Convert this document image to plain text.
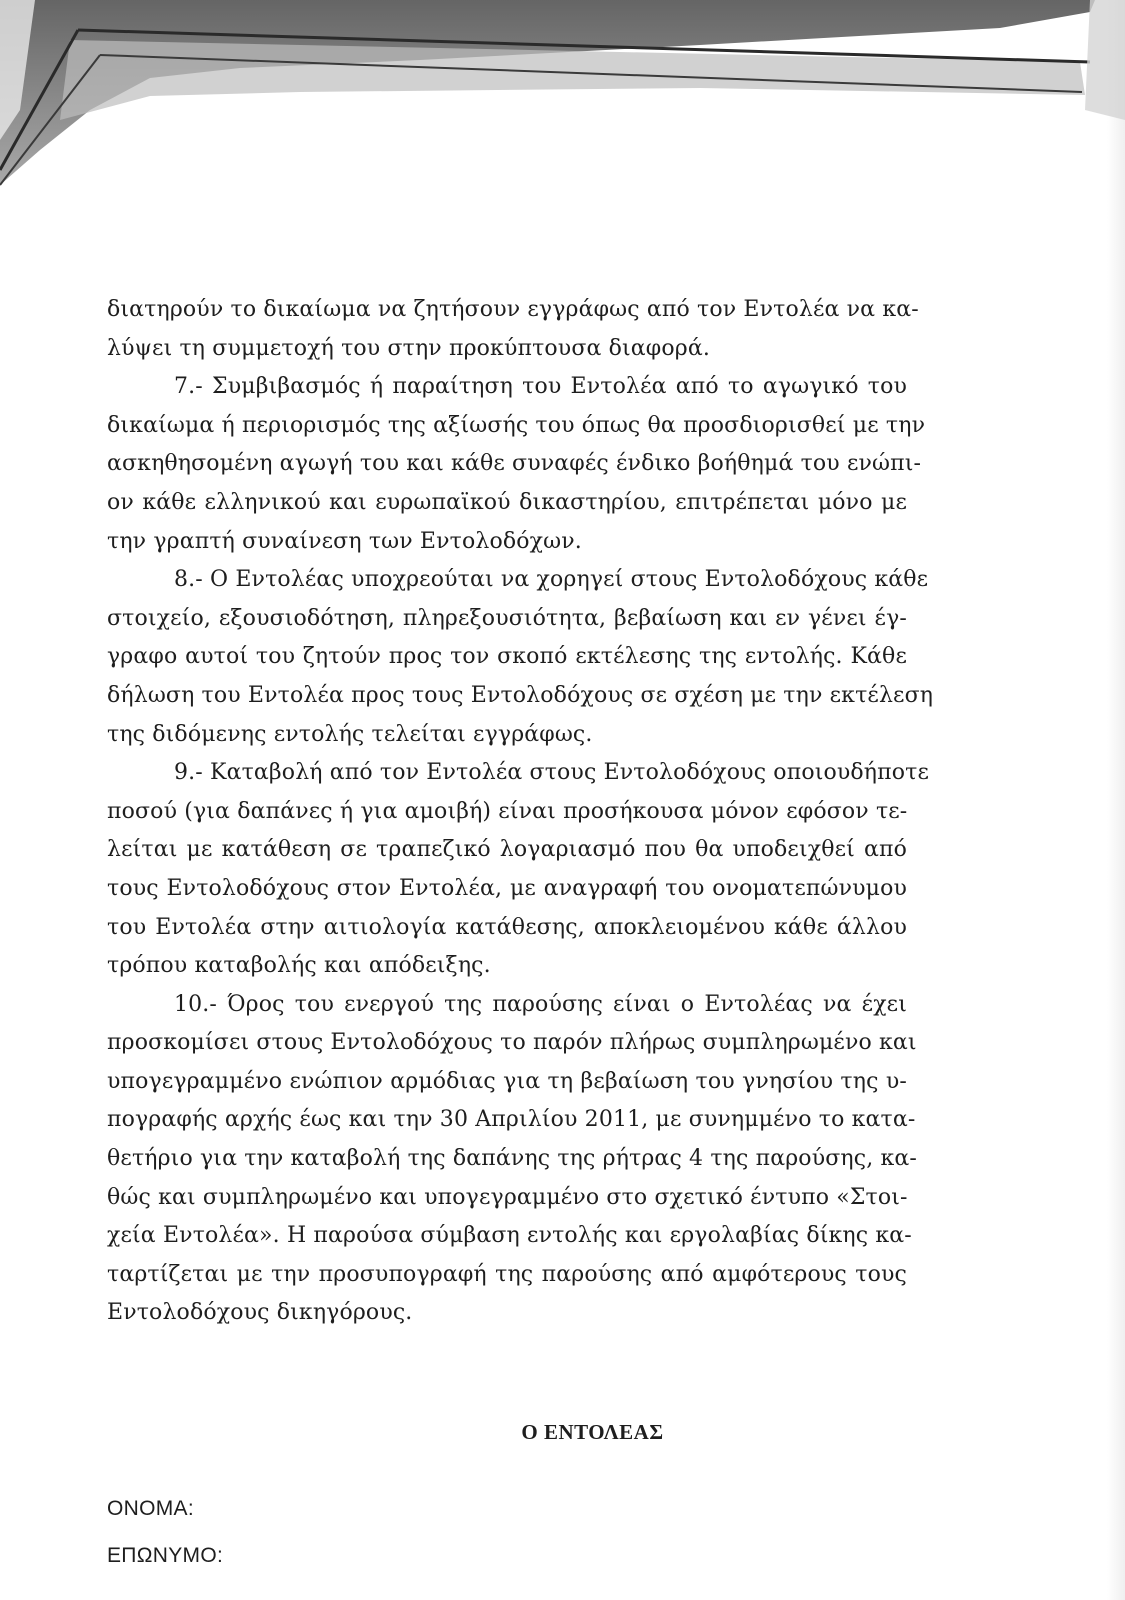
διατηρούν το δικαίωμα να ζητήσουν εγγράφως από τον Εντολέα να κα-
λύψει τη συμμετοχή του στην προκύπτουσα διαφορά.
7.- Συμβιβασμός ή παραίτηση του Εντολέα από το αγωγικό του
δικαίωμα ή περιορισμός της αξίωσής του όπως θα προσδιορισθεί με την
ασκηθησομένη αγωγή του και κάθε συναφές ένδικο βοήθημά του ενώπι-
ον κάθε ελληνικού και ευρωπαϊκού δικαστηρίου, επιτρέπεται μόνο με
την γραπτή συναίνεση των Εντολοδόχων.
8.- Ο Εντολέας υποχρεούται να χορηγεί στους Εντολοδόχους κάθε
στοιχείο, εξουσιοδότηση, πληρεξουσιότητα, βεβαίωση και εν γένει έγ-
γραφο αυτοί του ζητούν προς τον σκοπό εκτέλεσης της εντολής. Κάθε
δήλωση του Εντολέα προς τους Εντολοδόχους σε σχέση με την εκτέλεση
της διδόμενης εντολής τελείται εγγράφως.
9.- Καταβολή από τον Εντολέα στους Εντολοδόχους οποιουδήποτε
ποσού (για δαπάνες ή για αμοιβή) είναι προσήκουσα μόνον εφόσον τε-
λείται με κατάθεση σε τραπεζικό λογαριασμό που θα υποδειχθεί από
τους Εντολοδόχους στον Εντολέα, με αναγραφή του ονοματεπώνυμου
του Εντολέα στην αιτιολογία κατάθεσης, αποκλειομένου κάθε άλλου
τρόπου καταβολής και απόδειξης.
10.- Όρος του ενεργού της παρούσης είναι ο Εντολέας να έχει
προσκομίσει στους Εντολοδόχους το παρόν πλήρως συμπληρωμένο και
υπογεγραμμένο ενώπιον αρμόδιας για τη βεβαίωση του γνησίου της υ-
πογραφής αρχής έως και την 30 Απριλίου 2011, με συνημμένο το κατα-
θετήριο για την καταβολή της δαπάνης της ρήτρας 4 της παρούσης, κα-
θώς και συμπληρωμένο και υπογεγραμμένο στο σχετικό έντυπο «Στοι-
χεία Εντολέα». Η παρούσα σύμβαση εντολής και εργολαβίας δίκης κα-
ταρτίζεται με την προσυπογραφή της παρούσης από αμφότερους τους
Εντολοδόχους δικηγόρους.
Ο ΕΝΤΟΛΕΑΣ
ΟΝΟΜΑ:
ΕΠΩΝΥΜΟ:
